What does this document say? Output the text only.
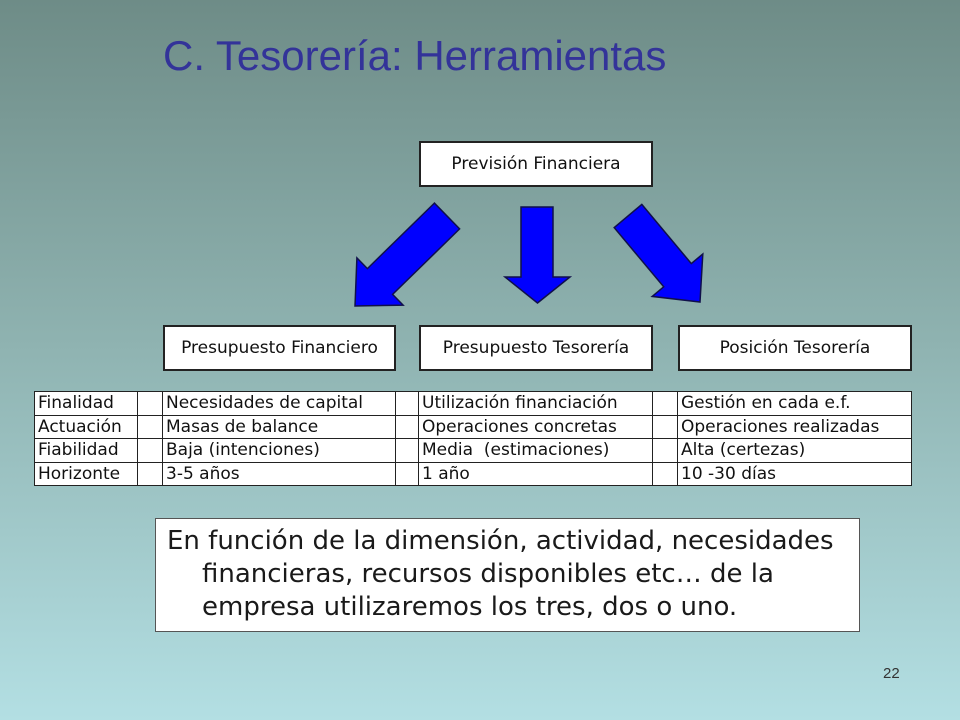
C. Tesorería: Herramientas
Previsión Financiera
Presupuesto Financiero	Presupuesto Tesorería	Posición Tesorería
Finalidad	Necesidades de capital	Utilización financiación	Gestión en cada e.f.
Actuación	Masas de balance	Operaciones concretas	Operaciones realizadas
Fiabilidad	Baja (intenciones)	Media  (estimaciones)	Alta (certezas)
Horizonte	3-5 años	1 año	10 -30 días
En función de la dimensión, actividad, necesidades
financieras, recursos disponibles etc… de la
empresa utilizaremos los tres, dos o uno.
22
